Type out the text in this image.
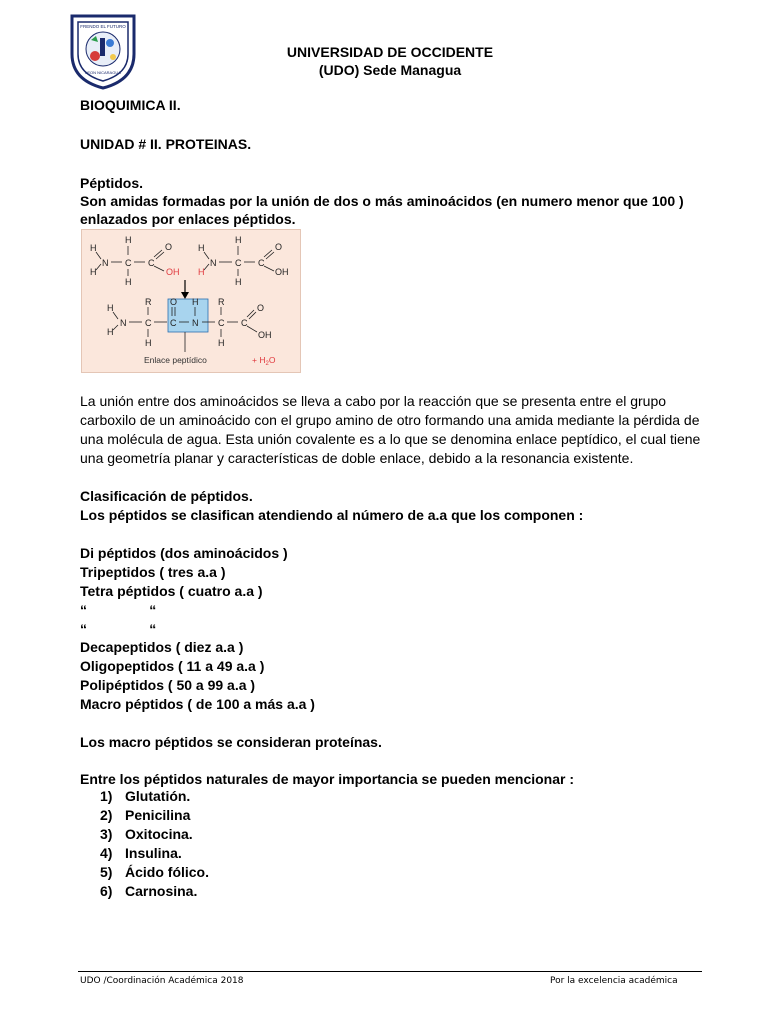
FRENDO EL FUTURO
LEON NICARAGUA
UNIVERSIDAD DE OCCIDENTE
(UDO) Sede Managua
BIOQUIMICA II.
UNIDAD # II. PROTEINAS.
Péptidos.
Son amidas formadas por la unión de dos o más aminoácidos (en numero menor que 100 )
enlazados por enlaces péptidos.
H
H
N C
H
H
C
O
OH
H
N C
H
H
C
O
OH
H
H
H
N C
R
H
C
O
N
H
C
R
H
C
O
OH
Enlace peptídico	+ $H_2O$
La unión entre dos aminoácidos se lleva a cabo por la reacción que se presenta entre el grupo
carboxilo de un aminoácido con el grupo amino de otro formando una amida mediante la pérdida de
una molécula de agua. Esta unión covalente es a lo que se denomina enlace peptídico, el cual tiene
una geometría planar y características de doble enlace, debido a la resonancia existente.
Clasificación de péptidos.
Los péptidos se clasifican atendiendo al número de a.a que los componen :
Di péptidos (dos aminoácidos )
Tripeptidos ( tres a.a )
Tetra péptidos ( cuatro a.a )
“                “
“                “
Decapeptidos ( diez a.a )
Oligopeptidos ( 11 a 49 a.a )
Polipéptidos ( 50 a 99 a.a )
Macro péptidos ( de 100 a más a.a )
Los macro péptidos se consideran proteínas.
Entre los péptidos naturales de mayor importancia se pueden mencionar :
1) Glutatión.
2) Penicilina
3) Oxitocina.
4) Insulina.
5) Ácido fólico.
6) Carnosina.
UDO /Coordinación Académica 2018	Por la excelencia académica
